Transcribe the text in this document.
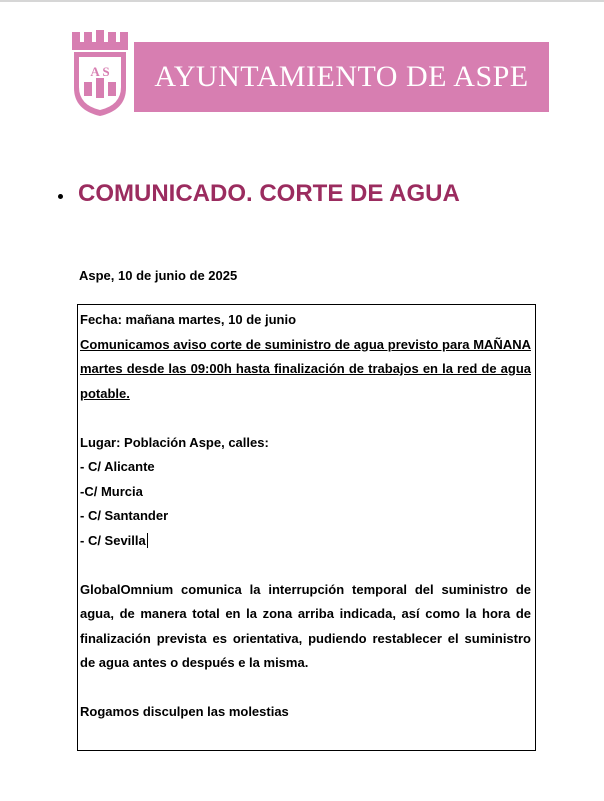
A S AYUNTAMIENTO DE ASPE
COMUNICADO. CORTE DE AGUA
Aspe, 10 de junio de 2025

Fecha: mañana martes, 10 de junio

Comunicamos aviso corte de suministro de agua previsto para MAÑANA martes desde las 09:00h hasta finalización de trabajos en la red de agua potable.

Lugar: Población Aspe, calles:

- C/ Alicante

-C/ Murcia

- C/ Santander

- C/ Sevilla

GlobalOmnium comunica la interrupción temporal del suministro de agua, de manera total en la zona arriba indicada, así como la hora de finalización prevista es orientativa, pudiendo restablecer el suministro de agua antes o después e la misma.

Rogamos disculpen las molestias
